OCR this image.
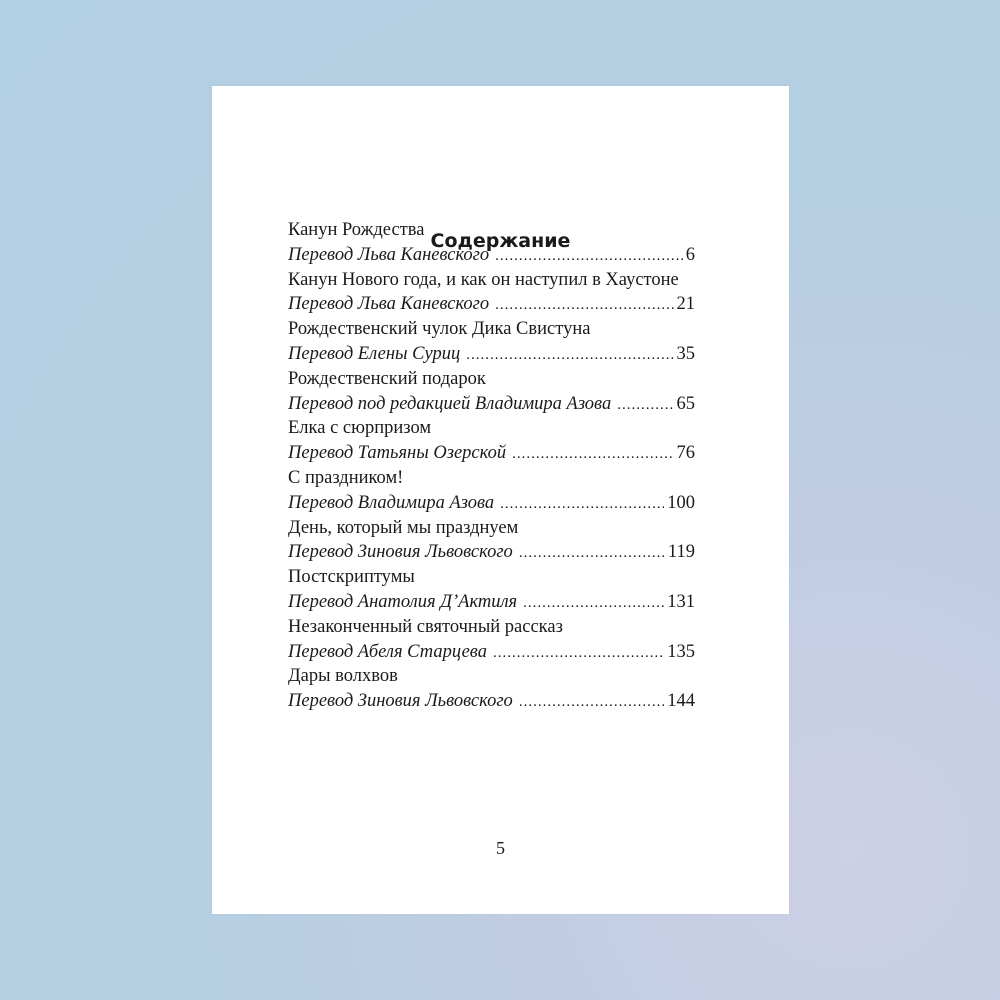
Содержание
5
Канун Рождества
Перевод Льва Каневского .....	6
Канун Нового года, и как он наступил в Хаустоне
Перевод Льва Каневского .....	21
Рождественский чулок Дика Свистуна
Перевод Елены Суриц .....	35
Рождественский подарок
Перевод под редакцией Владимира Азова .....	65
Елка с сюрпризом
Перевод Татьяны Озерской .....	76
С праздником!
Перевод Владимира Азова .....	100
День, который мы празднуем
Перевод Зиновия Львовского .....	119
Постскриптумы
Перевод Анатолия Д’Актиля .....	131
Незаконченный святочный рассказ
Перевод Абеля Старцева .....	135
Дары волхвов
Перевод Зиновия Львовского .....	144
